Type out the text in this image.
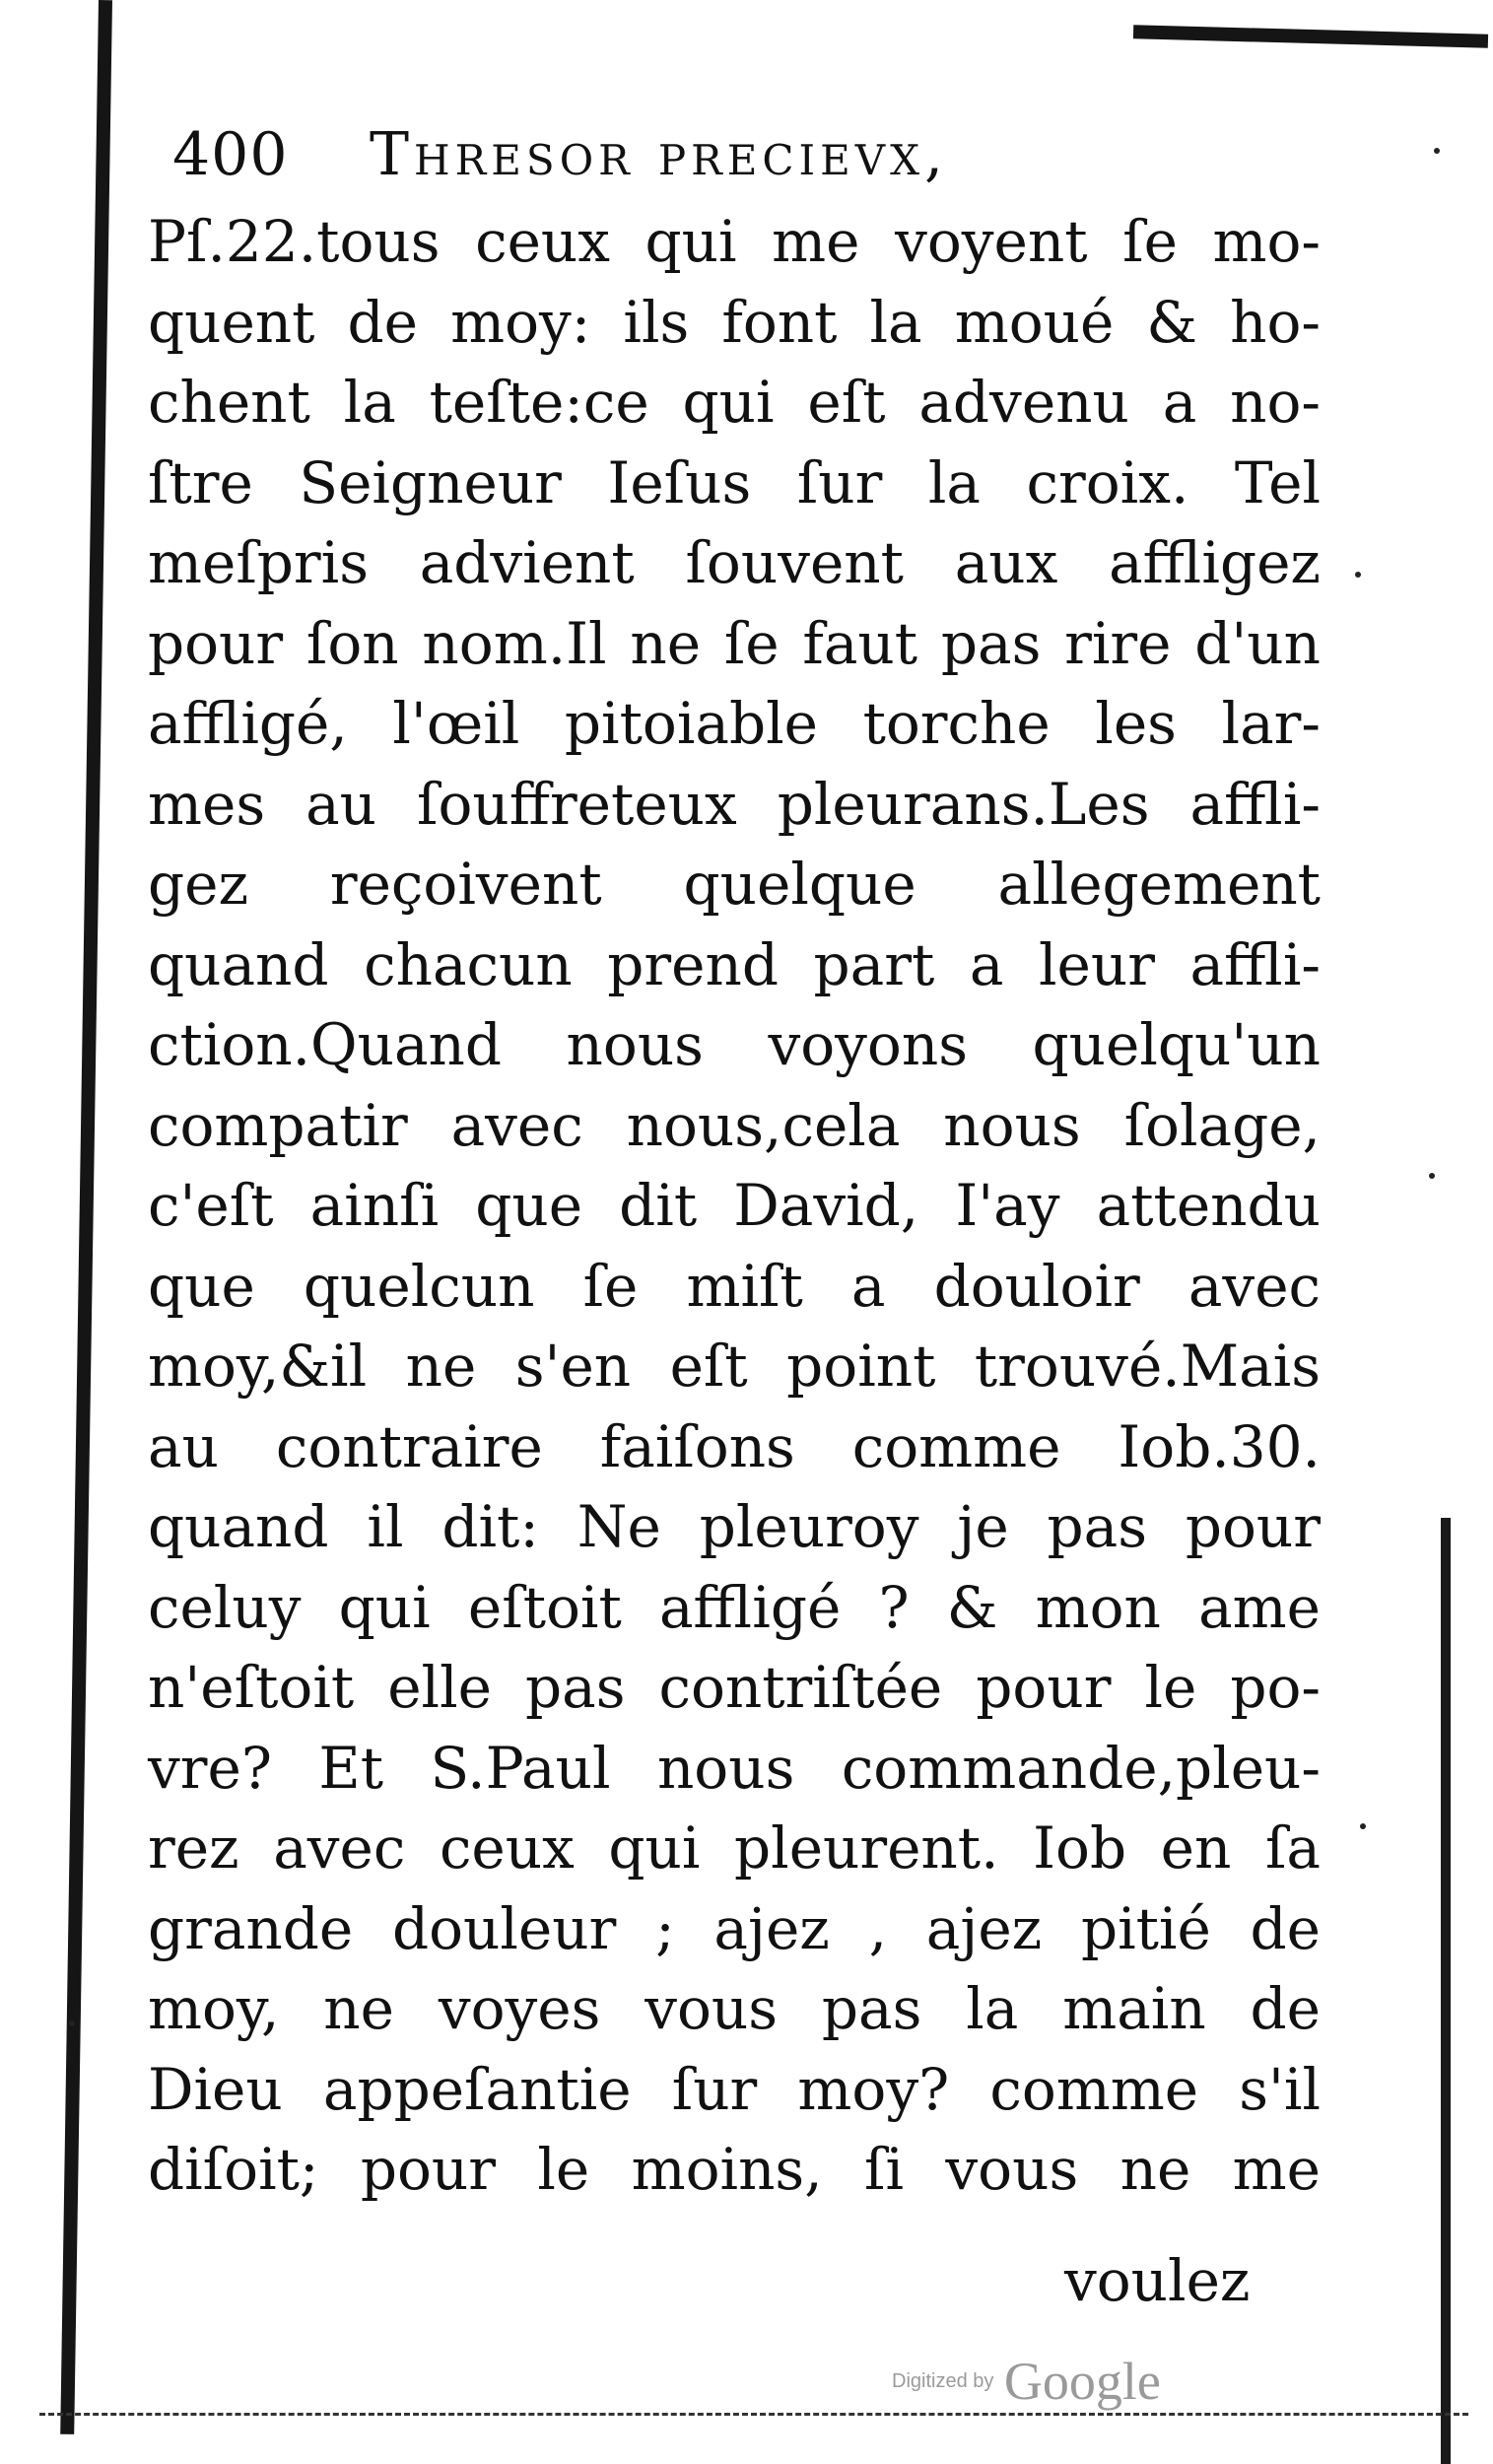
400 Thresor precievx,
Pſ.22.tous ceux qui me voyent ſe mo-
quent de moy: ils font la moué & ho-
chent la teſte:ce qui eſt advenu a no-
ſtre Seigneur Ieſus ſur la croix. Tel
meſpris advient ſouvent aux affligez
pour ſon nom.Il ne ſe faut pas rire d'un
affligé, l'œil pitoiable torche les lar-
mes au ſouffreteux pleurans.Les affli-
gez reçoivent quelque allegement
quand chacun prend part a leur affli-
ction.Quand nous voyons quelqu'un
compatir avec nous,cela nous ſolage,
c'eſt ainſi que dit David, I'ay attendu
que quelcun ſe miſt a douloir avec
moy,&il ne s'en eſt point trouvé.Mais
au contraire faiſons comme Iob.30.
quand il dit: Ne pleuroy je pas pour
celuy qui eſtoit affligé ? & mon ame
n'eſtoit elle pas contriſtée pour le po-
vre? Et S.Paul nous commande,pleu-
rez avec ceux qui pleurent. Iob en ſa
grande douleur ; ajez , ajez pitié de
moy, ne voyes vous pas la main de
Dieu appeſantie ſur moy? comme s'il
diſoit; pour le moins, ſi vous ne me
voulez
Digitized by Google
